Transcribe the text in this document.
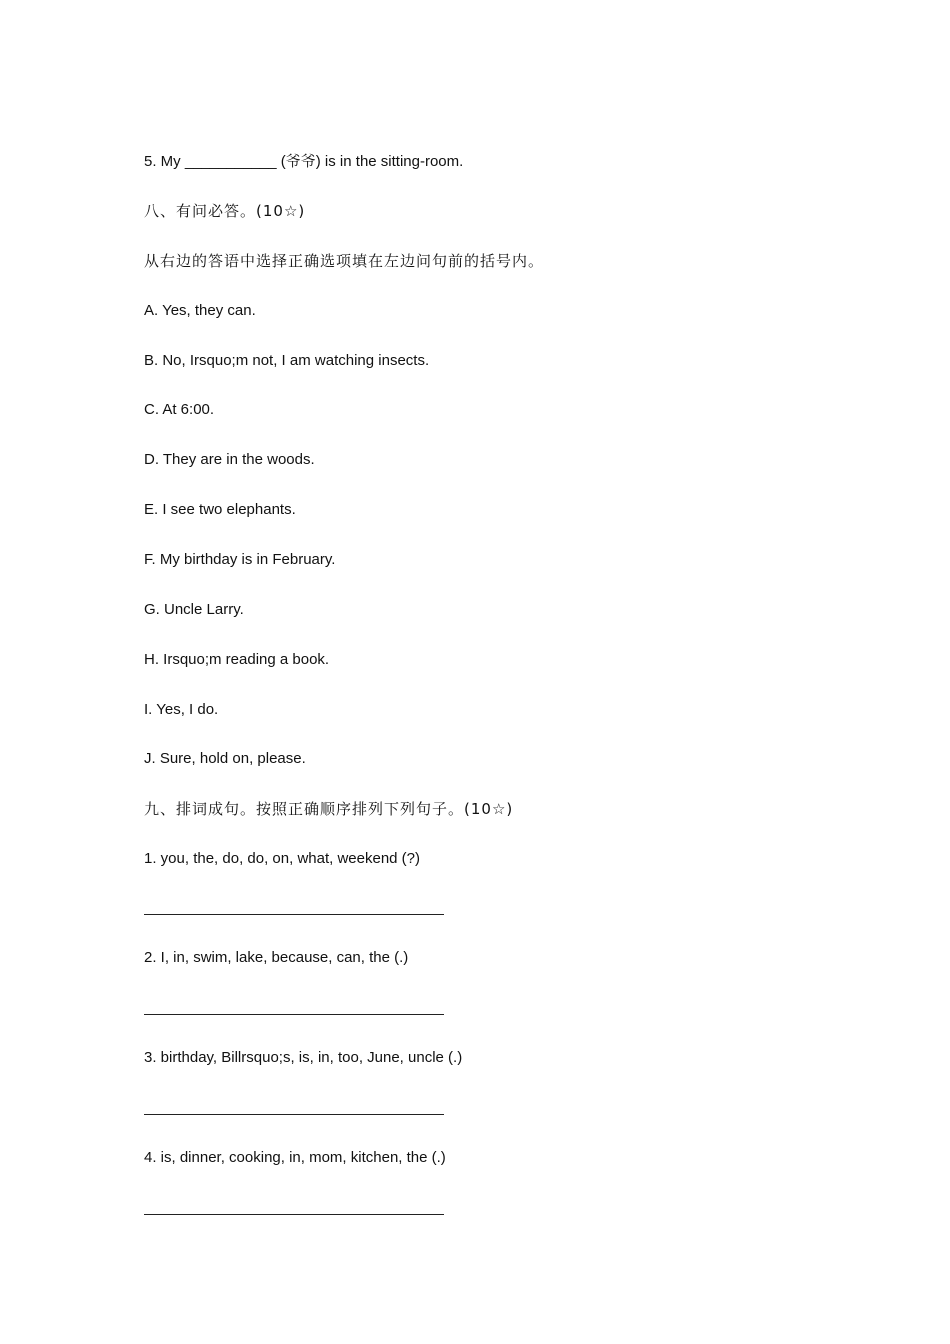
5. My ___________ (爷爷) is in the sitting-room.
八、有问必答。(10☆)
从右边的答语中选择正确选项填在左边问句前的括号内。
A. Yes, they can.
B. No, Irsquo;m not, I am watching insects.
C. At 6:00.
D. They are in the woods.
E. I see two elephants.
F. My birthday is in February.
G. Uncle Larry.
H. Irsquo;m reading a book.
I. Yes, I do.
J. Sure, hold on, please.
九、排词成句。按照正确顺序排列下列句子。(10☆)
1. you, the, do, do, on, what, weekend (?)
2. I, in, swim, lake, because, can, the (.)
3. birthday, Billrsquo;s, is, in, too, June, uncle (.)
4. is, dinner, cooking, in, mom, kitchen, the (.)
